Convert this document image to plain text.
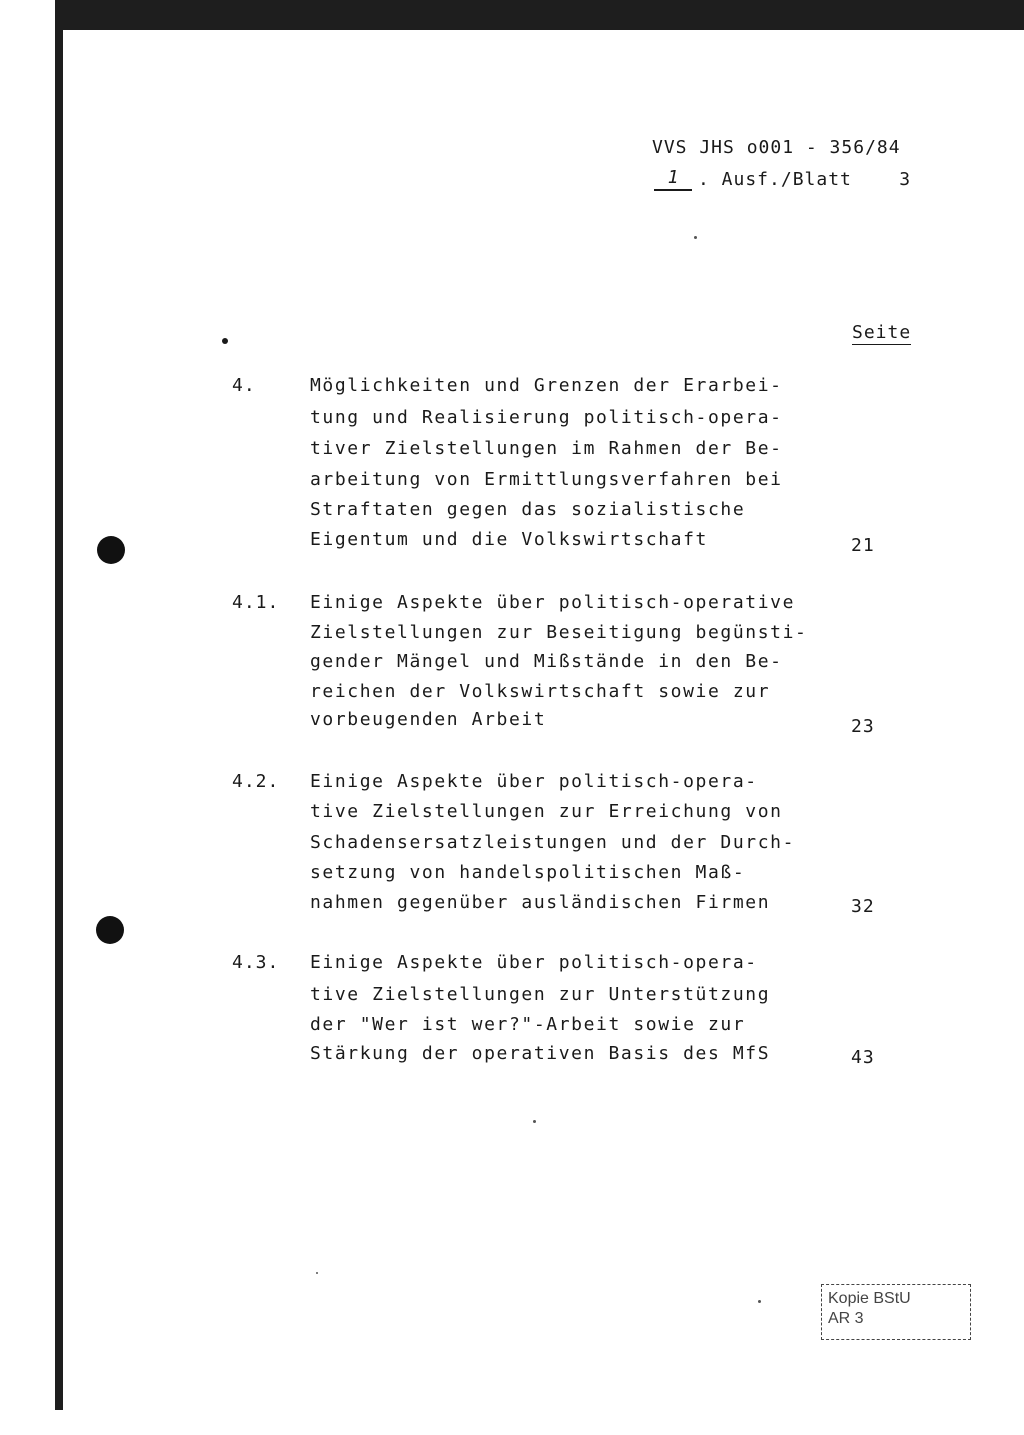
VVS JHS o001 - 356/84
1	. Ausf./Blatt    3
Seite
4.	Möglichkeiten und Grenzen der Erarbei-
tung und Realisierung politisch-opera-
tiver Zielstellungen im Rahmen der Be-
arbeitung von Ermittlungsverfahren bei
Straftaten gegen das sozialistische
Eigentum und die Volkswirtschaft	21
4.1. Einige Aspekte über politisch-operative
Zielstellungen zur Beseitigung begünsti-
gender Mängel und Mißstände in den Be-
reichen der Volkswirtschaft sowie zur
vorbeugenden Arbeit	23
4.2. Einige Aspekte über politisch-opera-
tive Zielstellungen zur Erreichung von
Schadensersatzleistungen und der Durch-
setzung von handelspolitischen Maß-
nahmen gegenüber ausländischen Firmen	32
4.3. Einige Aspekte über politisch-opera-
tive Zielstellungen zur Unterstützung
der "Wer ist wer?"-Arbeit sowie zur
Stärkung der operativen Basis des MfS	43
Kopie BStU
AR 3
